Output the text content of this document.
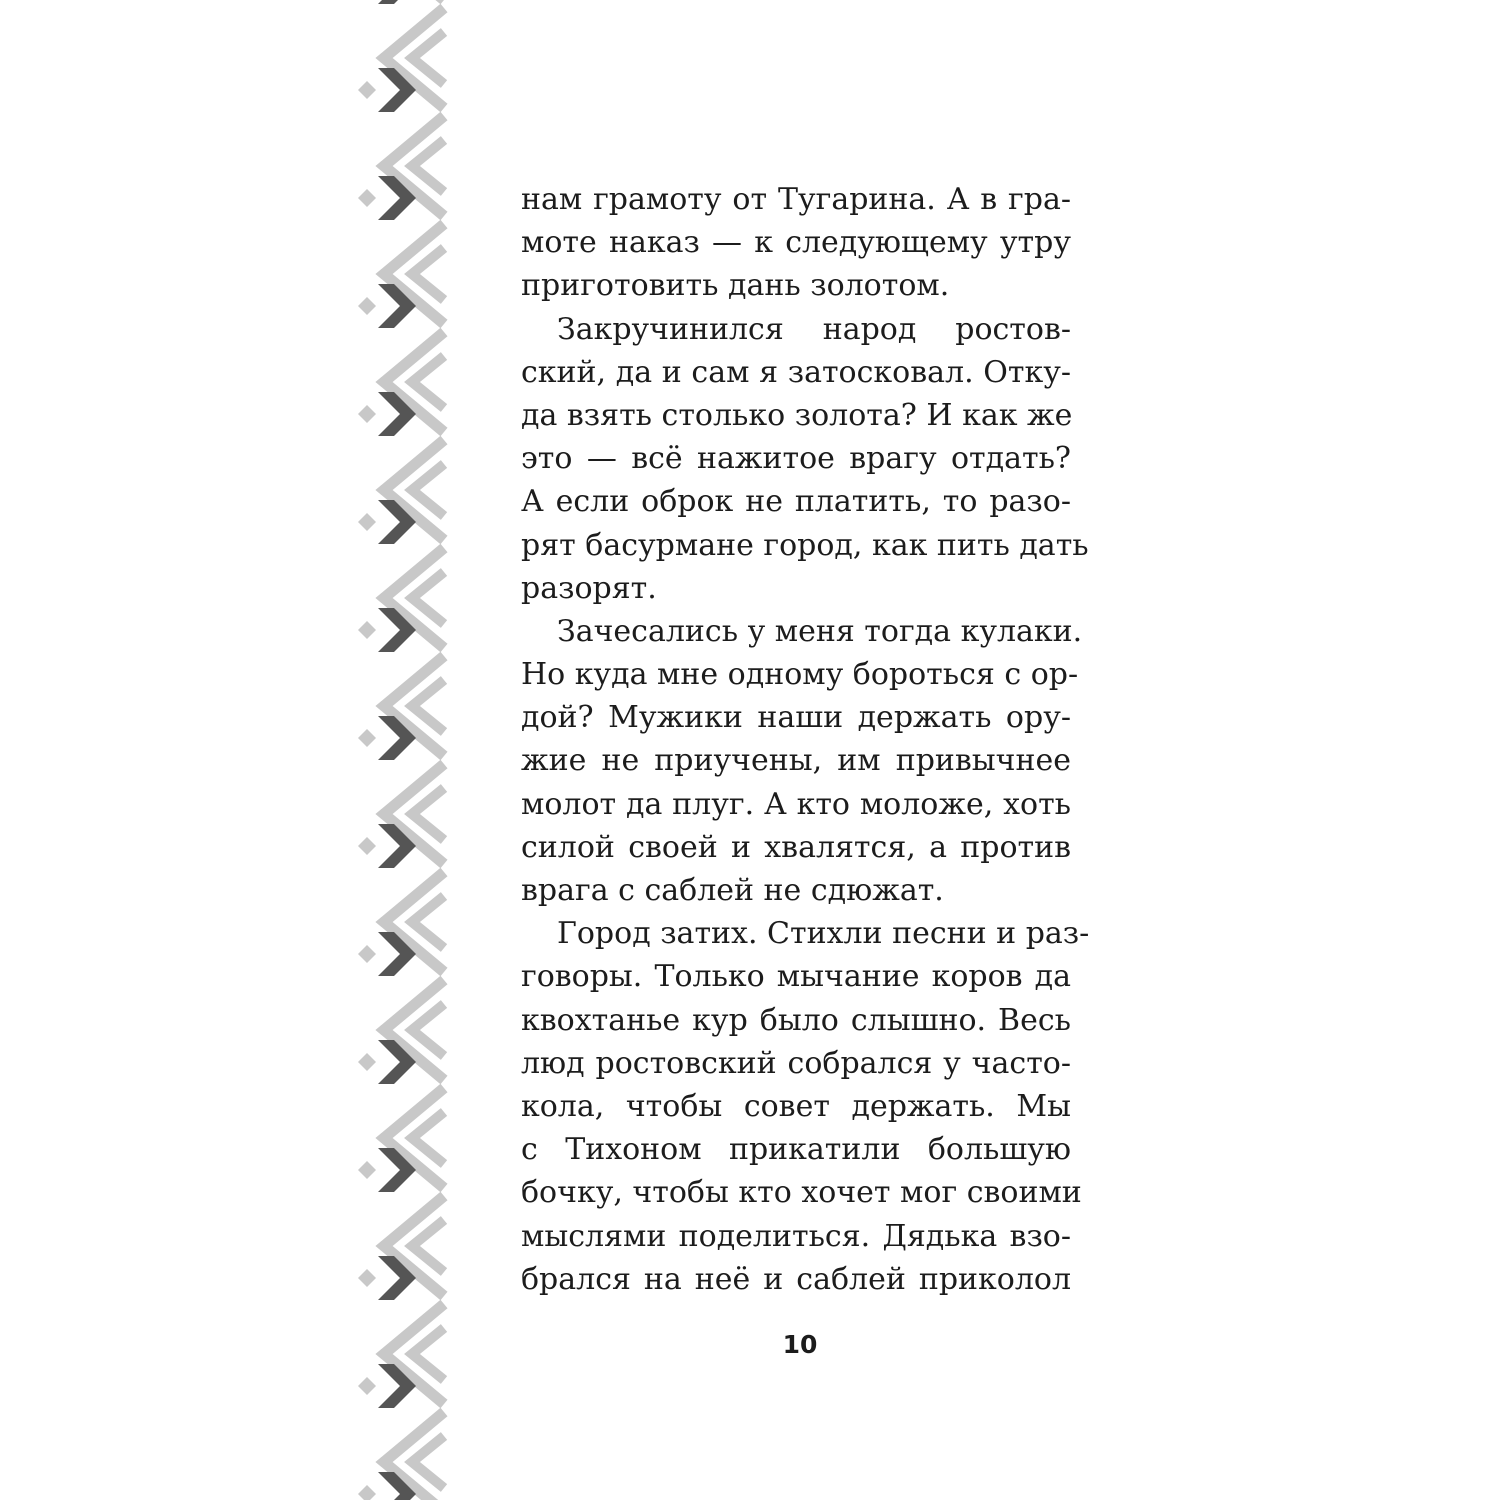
нам грамоту от Тугарина. А в гра-
моте наказ — к следующему утру
приготовить дань золотом.
Закручинился народ ростов-
ский, да и сам я затосковал. Отку-
да взять столько золота? И как же
это — всё нажитое врагу отдать?
А если оброк не платить, то разо-
рят басурмане город, как пить дать
разорят.
Зачесались у меня тогда кулаки.
Но куда мне одному бороться с ор-
дой? Мужики наши держать ору-
жие не приучены, им привычнее
молот да плуг. А кто моложе, хоть
силой своей и хвалятся, а против
врага с саблей не сдюжат.
Город затих. Стихли песни и раз-
говоры. Только мычание коров да
квохтанье кур было слышно. Весь
люд ростовский собрался у часто-
кола, чтобы совет держать. Мы
с Тихоном прикатили большую
бочку, чтобы кто хочет мог своими
мыслями поделиться. Дядька взо-
брался на неё и саблей приколол
10
